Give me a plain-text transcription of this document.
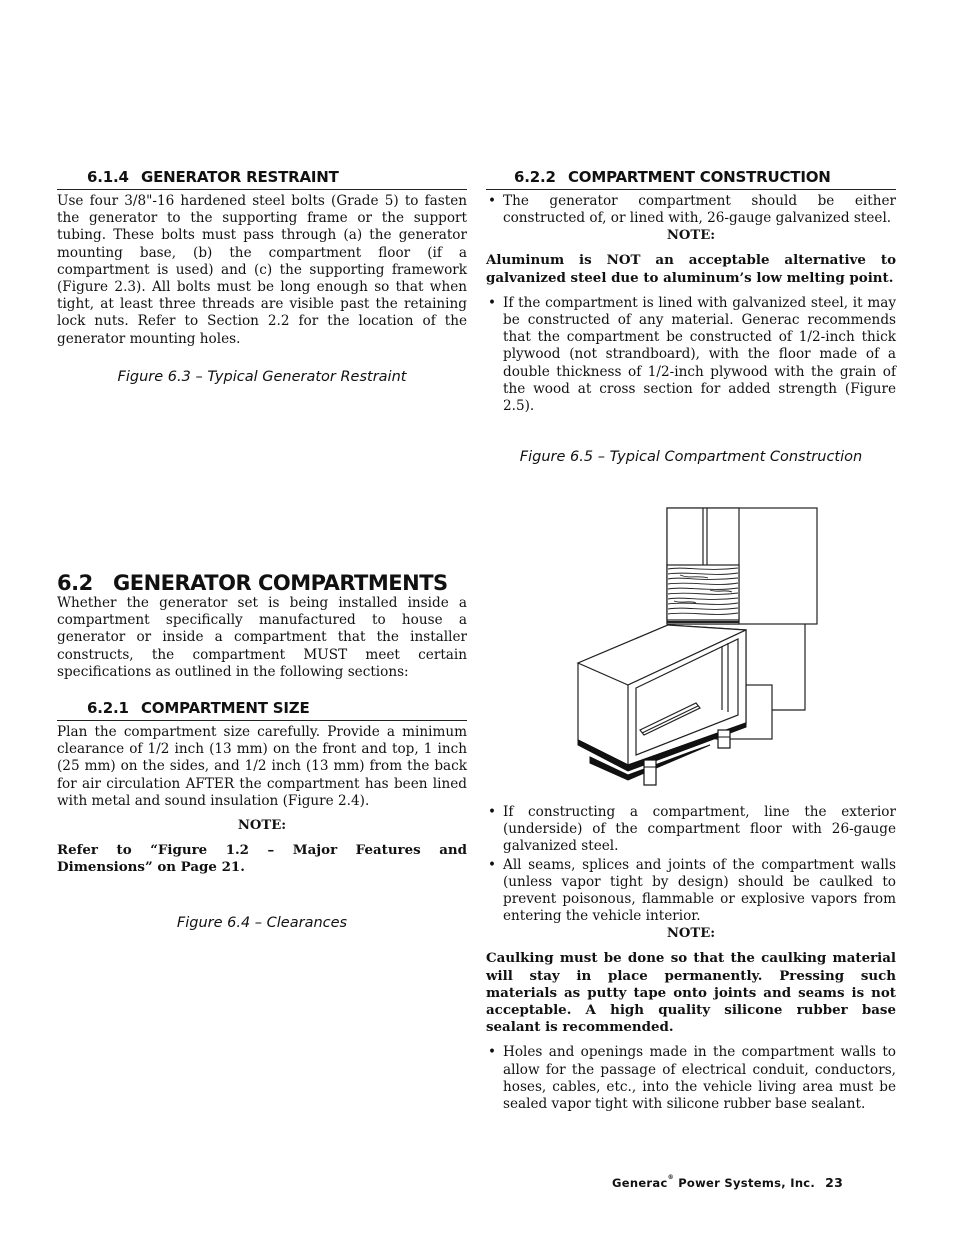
6.1.4 GENERATOR RESTRAINT

Use four 3/8"-16 hardened steel bolts (Grade 5) to fasten the generator to the supporting frame or the support tubing. These bolts must pass through (a) the generator mounting base, (b) the compartment floor (if a compartment is used) and (c) the supporting framework (Figure 2.3). All bolts must be long enough so that when tight, at least three threads are visible past the retaining lock nuts. Refer to Section 2.2 for the location of the generator mounting holes.

Figure 6.3 – Typical Generator Restraint

6.2 GENERATOR COMPARTMENTS

Whether the generator set is being installed inside a compartment specifically manufactured to house a generator or inside a compartment that the installer constructs, the compartment MUST meet certain specifications as outlined in the following sections:

6.2.1 COMPARTMENT SIZE

Plan the compartment size carefully. Provide a minimum clearance of 1/2 inch (13 mm) on the front and top, 1 inch (25 mm) on the sides, and 1/2 inch (13 mm) from the back for air circulation AFTER the compartment has been lined with metal and sound insulation (Figure 2.4).

NOTE:

Refer to “Figure 1.2 – Major Features and Dimensions” on Page 21.

Figure 6.4 – Clearances

6.2.2 COMPARTMENT CONSTRUCTION
• The generator compartment should be either constructed of, or lined with, 26-gauge galvanized steel.

NOTE:

Aluminum is NOT an acceptable alternative to galvanized steel due to aluminum’s low melting point.

• If the compartment is lined with galvanized steel, it may be constructed of any material. Generac recommends that the compartment be constructed of 1/2-inch thick plywood (not strandboard), with the floor made of a double thickness of 1/2-inch plywood with the grain of the wood at cross section for added strength (Figure 2.5).

Figure 6.5 – Typical Compartment Construction

• If constructing a compartment, line the exterior (underside) of the compartment floor with 26-gauge galvanized steel.
• All seams, splices and joints of the compartment walls (unless vapor tight by design) should be caulked to prevent poisonous, flammable or explosive vapors from entering the vehicle interior.

NOTE:

Caulking must be done so that the caulking material will stay in place permanently. Pressing such materials as putty tape onto joints and seams is not acceptable. A high quality silicone rubber base sealant is recommended.

• Holes and openings made in the compartment walls to allow for the passage of electrical conduit, conductors, hoses, cables, etc., into the vehicle living area must be sealed vapor tight with silicone rubber base sealant.
Generac® Power Systems, Inc. 23
